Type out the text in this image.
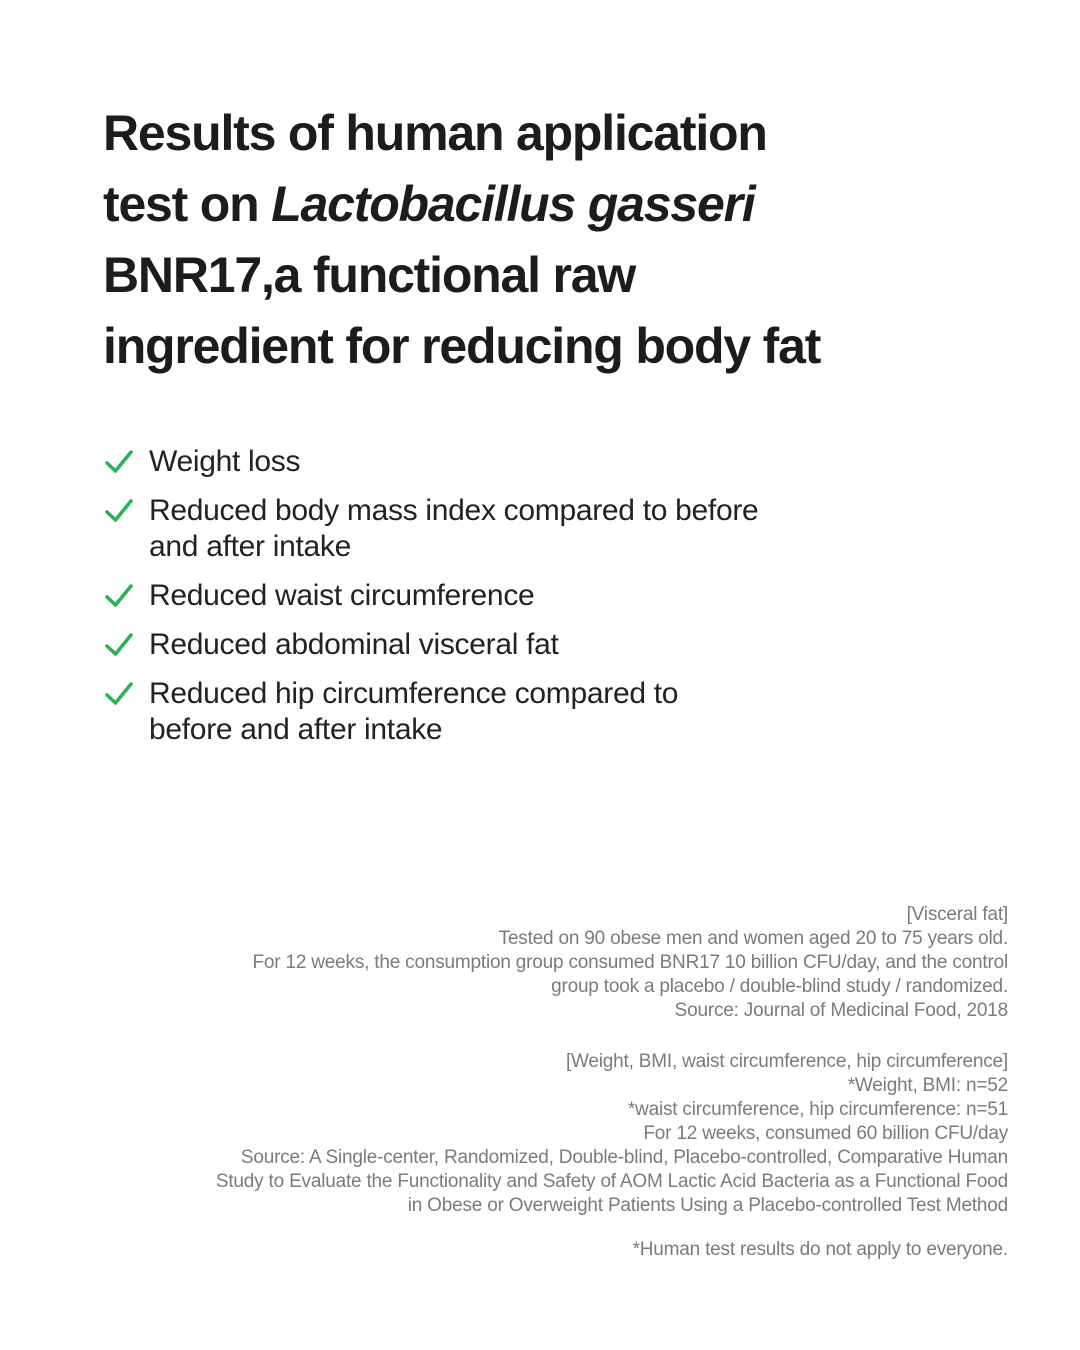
Results of human application
test on Lactobacillus gasseri
BNR17,a functional raw
ingredient for reducing body fat
Weight loss
Reduced body mass index compared to before
and after intake
Reduced waist circumference
Reduced abdominal visceral fat
Reduced hip circumference compared to
before and after intake
[Visceral fat]
Tested on 90 obese men and women aged 20 to 75 years old.
For 12 weeks, the consumption group consumed BNR17 10 billion CFU/day, and the control
group took a placebo / double-blind study / randomized.
Source: Journal of Medicinal Food, 2018
[Weight, BMI, waist circumference, hip circumference]
*Weight, BMI: n=52
*waist circumference, hip circumference: n=51
For 12 weeks, consumed 60 billion CFU/day
Source: A Single-center, Randomized, Double-blind, Placebo-controlled, Comparative Human
Study to Evaluate the Functionality and Safety of AOM Lactic Acid Bacteria as a Functional Food
in Obese or Overweight Patients Using a Placebo-controlled Test Method
*Human test results do not apply to everyone.
